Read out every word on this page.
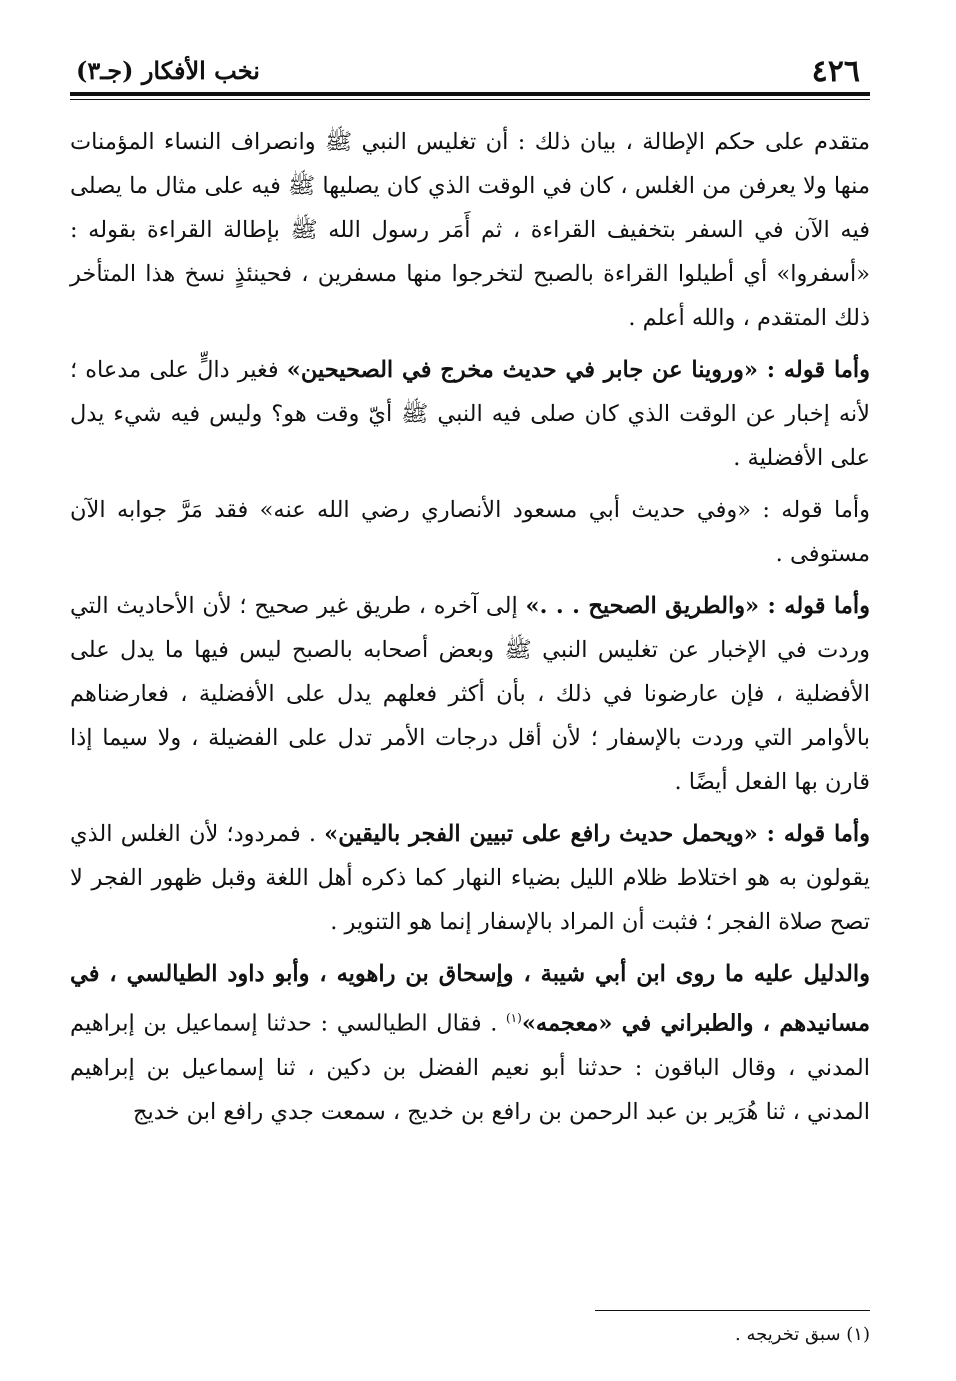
٤٢٦
نخب الأفكار (جـ٣)

متقدم على حكم الإطالة ، بيان ذلك : أن تغليس النبي ﷺ وانصراف النساء المؤمنات منها ولا يعرفن من الغلس ، كان في الوقت الذي كان يصليها ﷺ فيه على مثال ما يصلى فيه الآن في السفر بتخفيف القراءة ، ثم أَمَر رسول الله ﷺ بإطالة القراءة بقوله : «أسفروا» أي أطيلوا القراءة بالصبح لتخرجوا منها مسفرين ، فحينئذٍ نسخ هذا المتأخر ذلك المتقدم ، والله أعلم .

وأما قوله : «وروينا عن جابر في حديث مخرج في الصحيحين» فغير دالٍّ على مدعاه ؛ لأنه إخبار عن الوقت الذي كان صلى فيه النبي ﷺ أيّ وقت هو؟ وليس فيه شيء يدل على الأفضلية .

وأما قوله : «وفي حديث أبي مسعود الأنصاري رضي الله عنه» فقد مَرَّ جوابه الآن مستوفى .

وأما قوله : «والطريق الصحيح . . .» إلى آخره ، طريق غير صحيح ؛ لأن الأحاديث التي وردت في الإخبار عن تغليس النبي ﷺ وبعض أصحابه بالصبح ليس فيها ما يدل على الأفضلية ، فإن عارضونا في ذلك ، بأن أكثر فعلهم يدل على الأفضلية ، فعارضناهم بالأوامر التي وردت بالإسفار ؛ لأن أقل درجات الأمر تدل على الفضيلة ، ولا سيما إذا قارن بها الفعل أيضًا .

وأما قوله : «ويحمل حديث رافع على تبيين الفجر باليقين» . فمردود؛ لأن الغلس الذي يقولون به هو اختلاط ظلام الليل بضياء النهار كما ذكره أهل اللغة وقبل ظهور الفجر لا تصح صلاة الفجر ؛ فثبت أن المراد بالإسفار إنما هو التنوير .

والدليل عليه ما روى ابن أبي شيبة ، وإسحاق بن راهويه ، وأبو داود الطيالسي ، في مسانيدهم ، والطبراني في «معجمه»$^{(١)}$ . فقال الطيالسي : حدثنا إسماعيل بن إبراهيم المدني ، وقال الباقون : حدثنا أبو نعيم الفضل بن دكين ، ثنا إسماعيل بن إبراهيم المدني ، ثنا هُرَير بن عبد الرحمن بن رافع بن خديج ، سمعت جدي رافع ابن خديج

(١) سبق تخريجه .
